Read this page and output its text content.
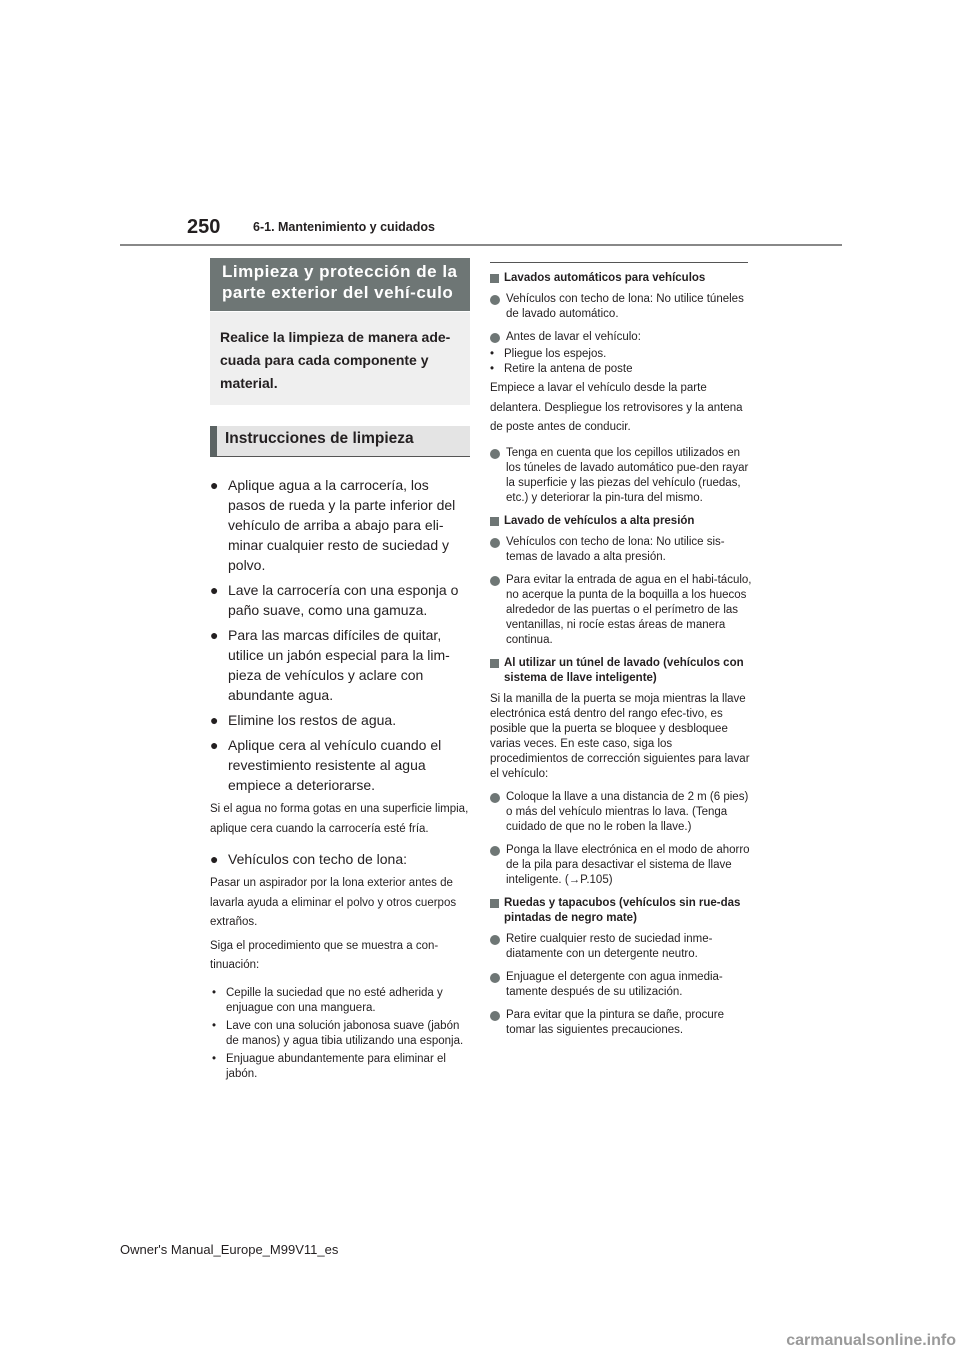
250	6-1. Mantenimiento y cuidados
Limpieza y protección de la parte exterior del vehí-culo
Realice la limpieza de manera ade-cuada para cada componente y material.
Instrucciones de limpieza
● Aplique agua a la carrocería, los pasos de rueda y la parte inferior del vehículo de arriba a abajo para eli-minar cualquier resto de suciedad y polvo.
● Lave la carrocería con una esponja o paño suave, como una gamuza.
● Para las marcas difíciles de quitar, utilice un jabón especial para la lim-pieza de vehículos y aclare con abundante agua.
● Elimine los restos de agua.
● Aplique cera al vehículo cuando el revestimiento resistente al agua empiece a deteriorarse.

Si el agua no forma gotas en una superficie limpia, aplique cera cuando la carrocería esté fría.

● Vehículos con techo de lona:

Pasar un aspirador por la lona exterior antes de lavarla ayuda a eliminar el polvo y otros cuerpos extraños.

Siga el procedimiento que se muestra a con-tinuación:

• Cepille la suciedad que no esté adherida y enjuague con una manguera.
• Lave con una solución jabonosa suave (jabón de manos) y agua tibia utilizando una esponja.
• Enjuague abundantemente para eliminar el jabón.
Lavados automáticos para vehículos
Vehículos con techo de lona: No utilice túneles de lavado automático.
Antes de lavar el vehículo:
• Pliegue los espejos.
• Retire la antena de poste

Empiece a lavar el vehículo desde la parte delantera. Despliegue los retrovisores y la antena de poste antes de conducir.

Tenga en cuenta que los cepillos utilizados en los túneles de lavado automático pue-den rayar la superficie y las piezas del vehículo (ruedas, etc.) y deteriorar la pin-tura del mismo.
Lavado de vehículos a alta presión
Vehículos con techo de lona: No utilice sis-temas de lavado a alta presión.
Para evitar la entrada de agua en el habi-táculo, no acerque la punta de la boquilla a los huecos alrededor de las puertas o el perímetro de las ventanillas, ni rocíe estas áreas de manera continua.
Al utilizar un túnel de lavado (vehículos con sistema de llave inteligente)

Si la manilla de la puerta se moja mientras la llave electrónica está dentro del rango efec-tivo, es posible que la puerta se bloquee y desbloquee varias veces. En este caso, siga los procedimientos de corrección siguientes para lavar el vehículo:

Coloque la llave a una distancia de 2 m (6 pies) o más del vehículo mientras lo lava. (Tenga cuidado de que no le roben la llave.)
Ponga la llave electrónica en el modo de ahorro de la pila para desactivar el sistema de llave inteligente. (→P.105)
Ruedas y tapacubos (vehículos sin rue-das pintadas de negro mate)
Retire cualquier resto de suciedad inme-diatamente con un detergente neutro.
Enjuague el detergente con agua inmedia-tamente después de su utilización.
Para evitar que la pintura se dañe, procure tomar las siguientes precauciones.
Owner's Manual_Europe_M99V11_es
carmanualsonline.info
